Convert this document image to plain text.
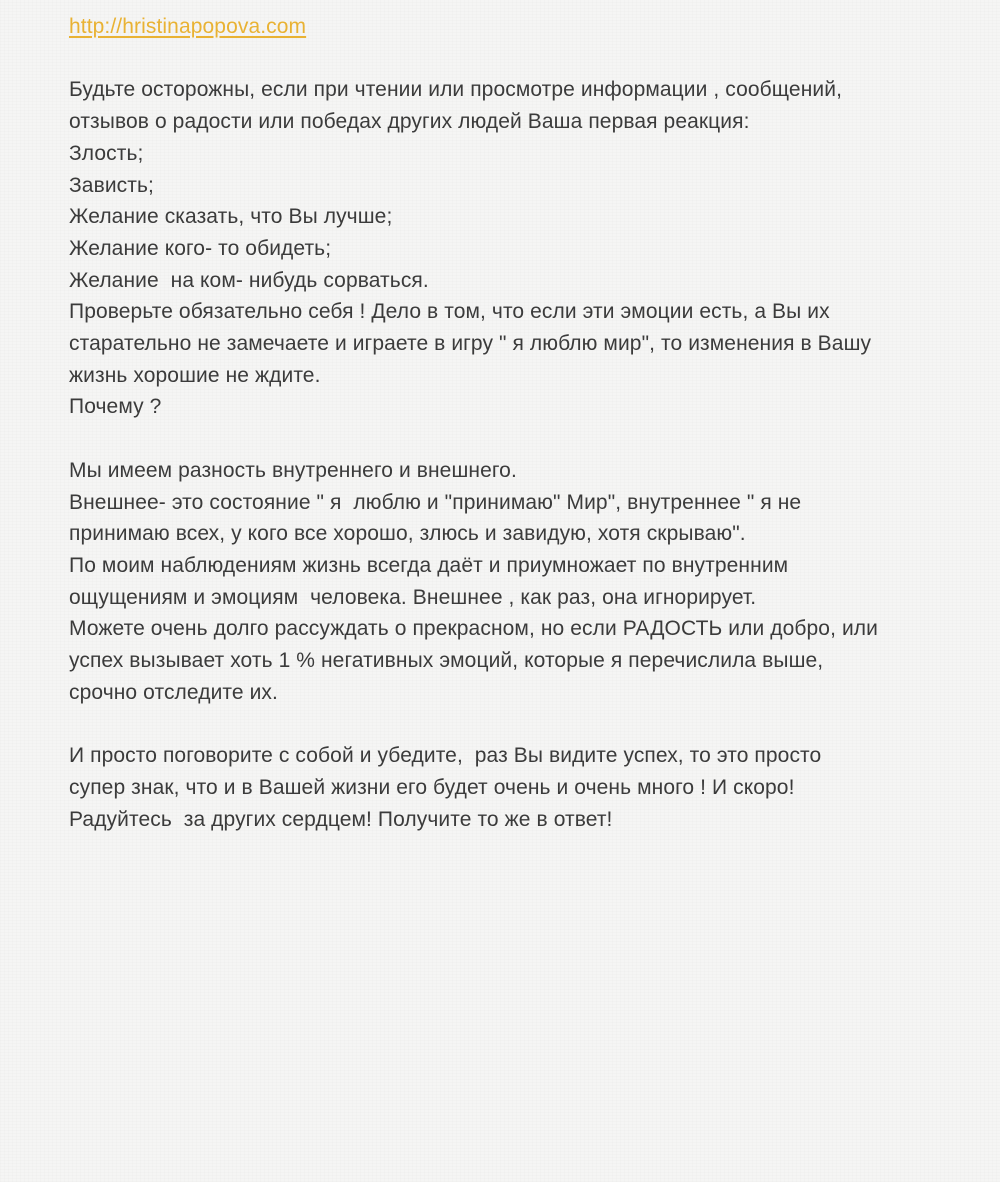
http://hristinapopova.com
Будьте осторожны, если при чтении или просмотре информации , сообщений,
отзывов о радости или победах других людей Ваша первая реакция:
Злость;
Зависть;
Желание сказать, что Вы лучше;
Желание кого- то обидеть;
Желание  на ком- нибудь сорваться.
Проверьте обязательно себя ! Дело в том, что если эти эмоции есть, а Вы их
старательно не замечаете и играете в игру " я люблю мир", то изменения в Вашу
жизнь хорошие не ждите.
Почему ?
Мы имеем разность внутреннего и внешнего.
Внешнее- это состояние " я  люблю и "принимаю" Мир", внутреннее " я не
принимаю всех, у кого все хорошо, злюсь и завидую, хотя скрываю".
По моим наблюдениям жизнь всегда даёт и приумножает по внутренним
ощущениям и эмоциям  человека. Внешнее , как раз, она игнорирует.
Можете очень долго рассуждать о прекрасном, но если РАДОСТЬ или добро, или
успех вызывает хоть 1 % негативных эмоций, которые я перечислила выше,
срочно отследите их.
И просто поговорите с собой и убедите,  раз Вы видите успех, то это просто
супер знак, что и в Вашей жизни его будет очень и очень много ! И скоро!
Радуйтесь  за других сердцем! Получите то же в ответ!
